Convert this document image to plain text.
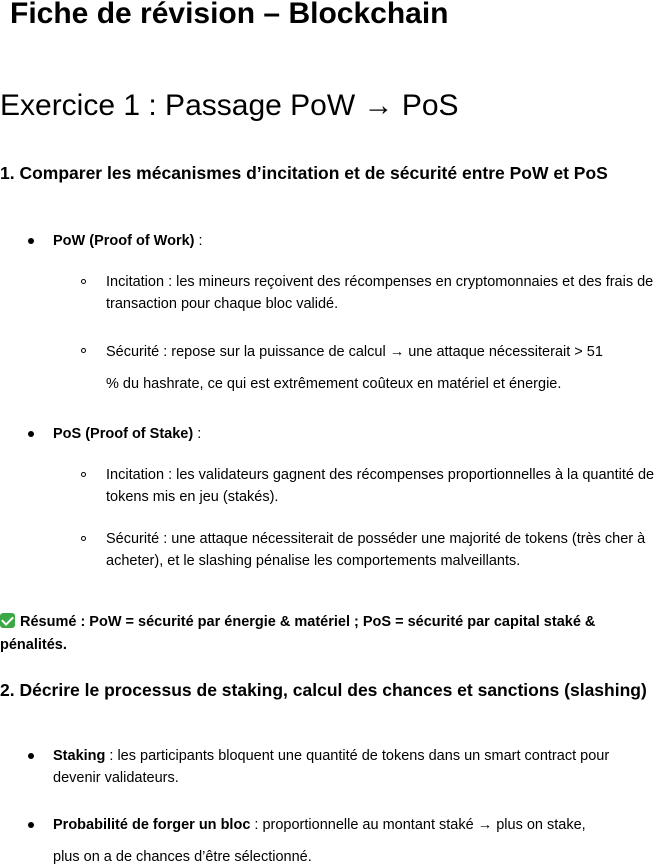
Fiche de révision – Blockchain
Exercice 1 : Passage PoW → PoS

1. Comparer les mécanismes d’incitation et de sécurité entre PoW et PoS

PoW (Proof of Work) :
Incitation : les mineurs reçoivent des récompenses en cryptomonnaies et des frais de transaction pour chaque bloc validé.
Sécurité : repose sur la puissance de calcul → une attaque nécessiterait > 51
% du hashrate, ce qui est extrêmement coûteux en matériel et énergie.
PoS (Proof of Stake) :
Incitation : les validateurs gagnent des récompenses proportionnelles à la quantité de tokens mis en jeu (stakés).
Sécurité : une attaque nécessiterait de posséder une majorité de tokens (très cher à acheter), et le slashing pénalise les comportements malveillants.
Résumé : PoW = sécurité par énergie & matériel ; PoS = sécurité par capital staké & pénalités.

2. Décrire le processus de staking, calcul des chances et sanctions (slashing)

Staking : les participants bloquent une quantité de tokens dans un smart contract pour devenir validateurs.
Probabilité de forger un bloc : proportionnelle au montant staké → plus on stake,
plus on a de chances d’être sélectionné.
